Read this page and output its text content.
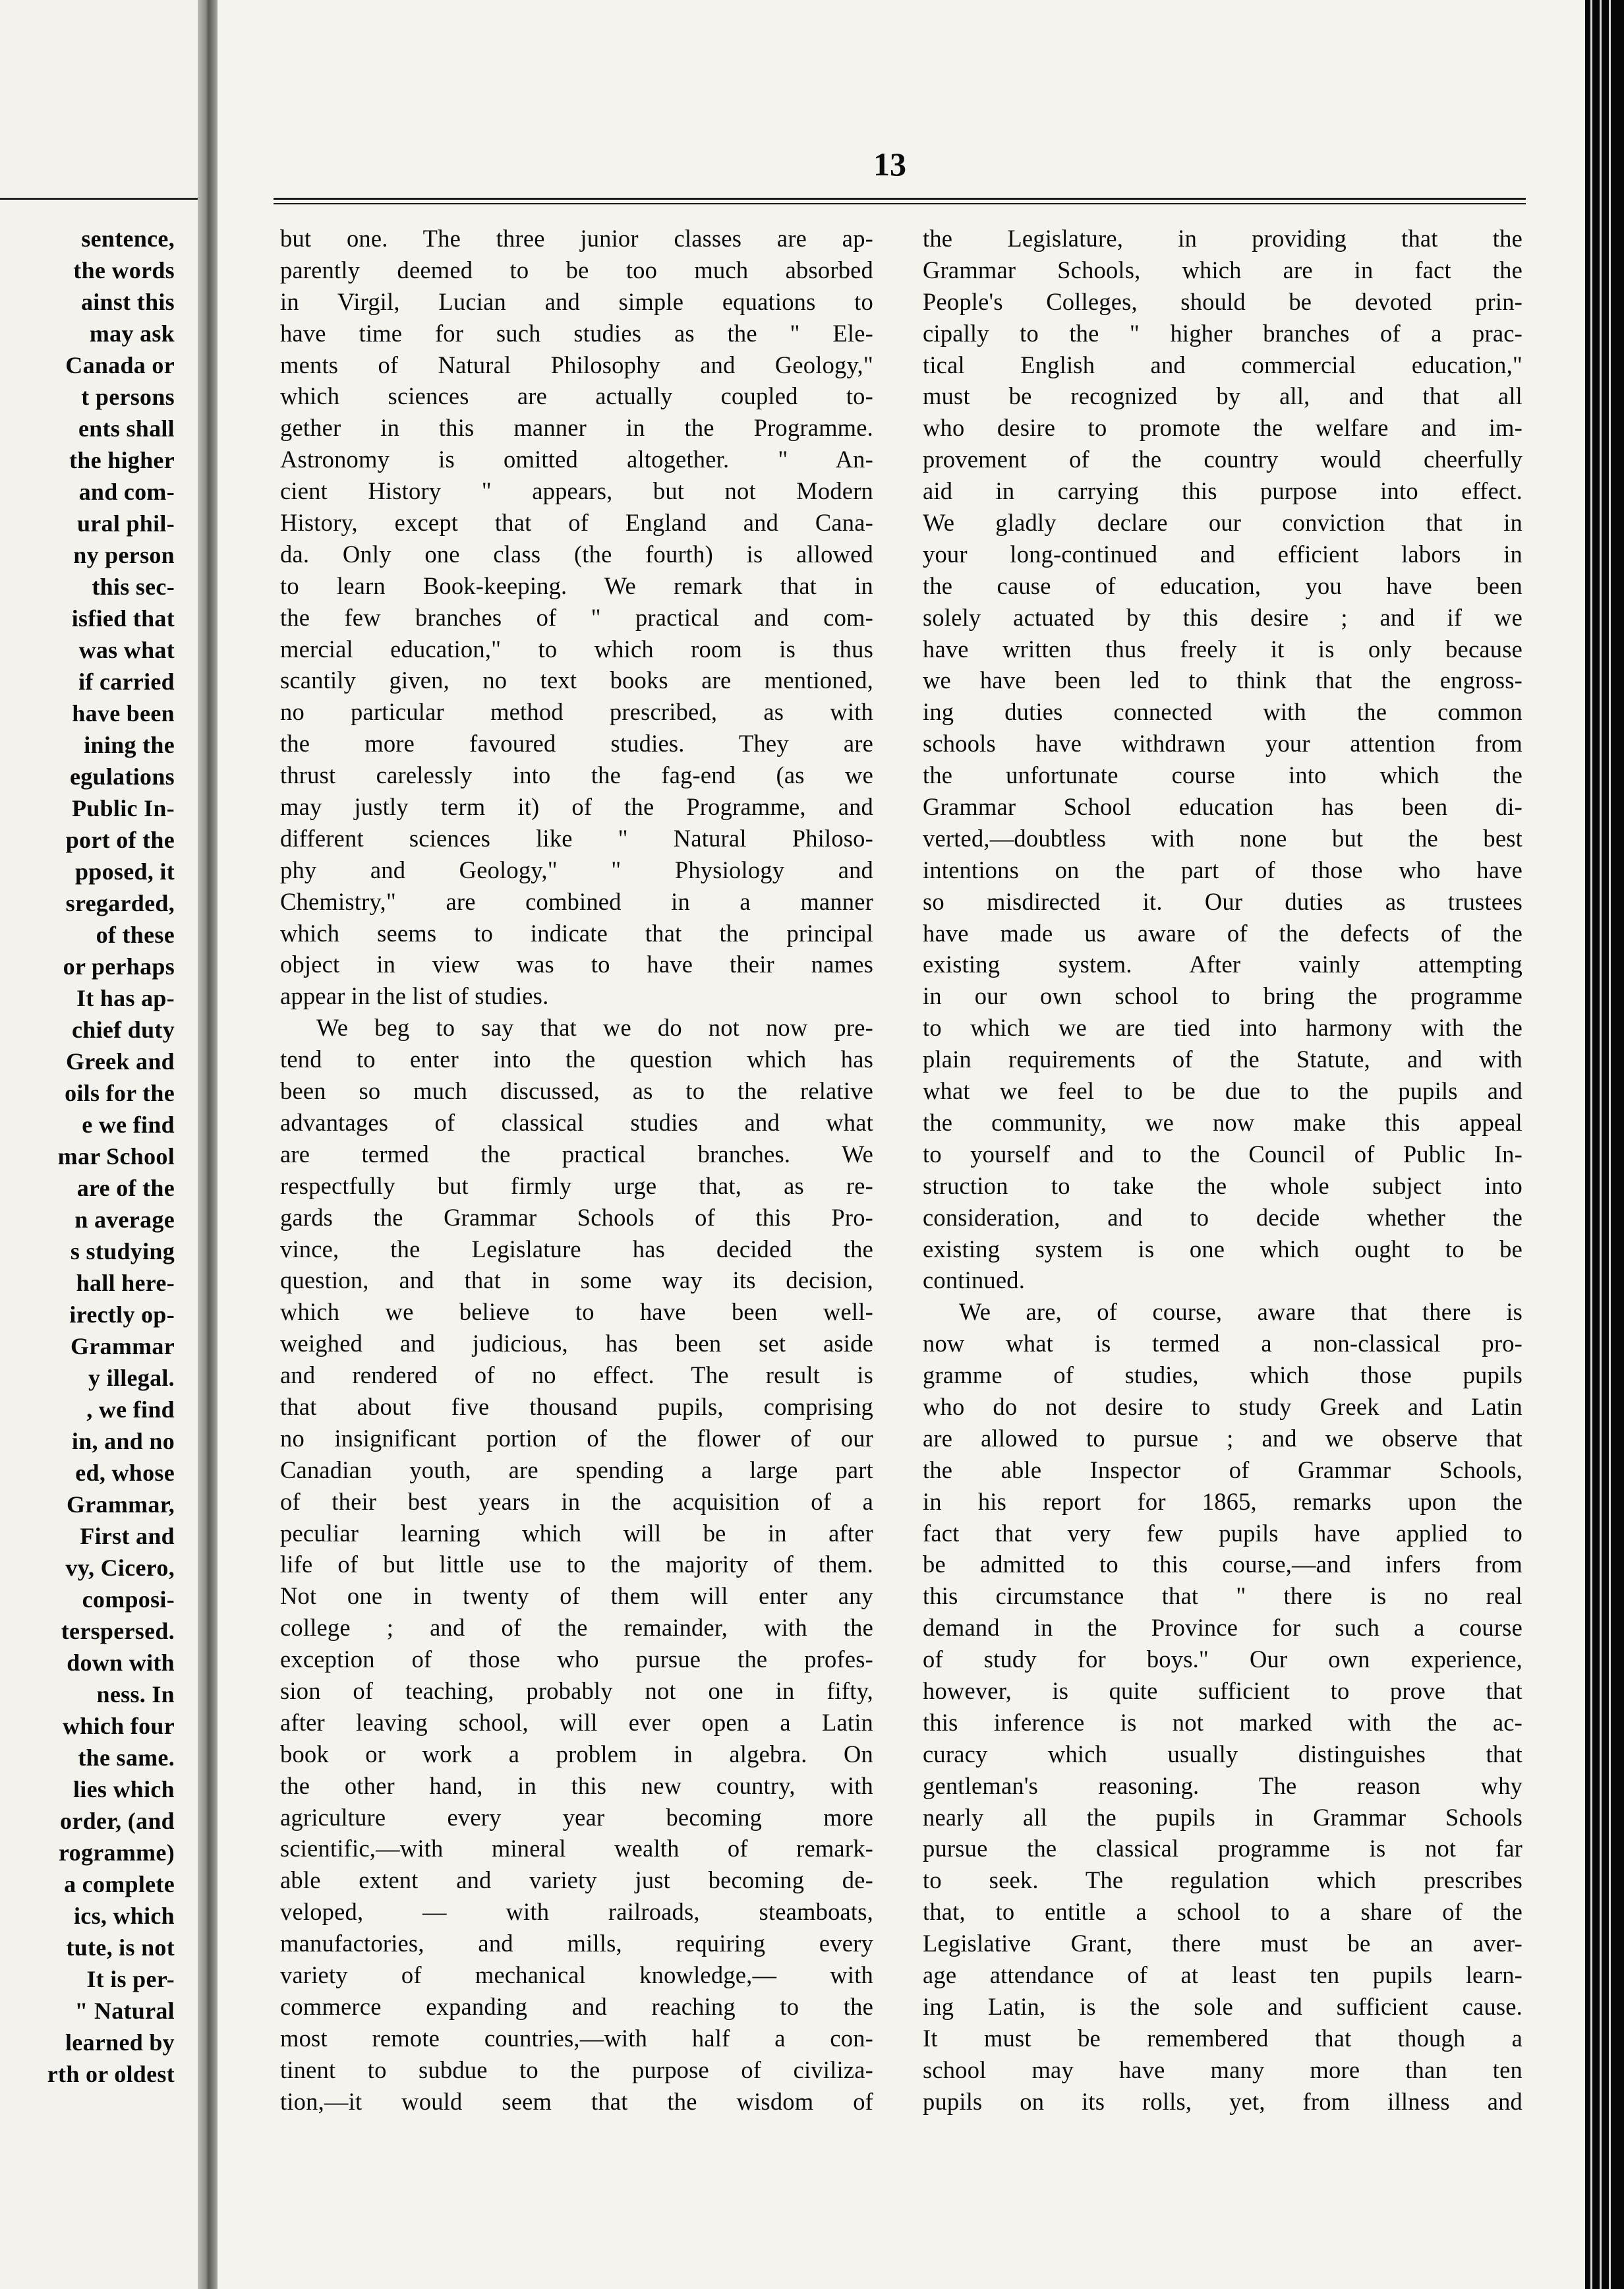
sentence,
the words
ainst this
may ask
Canada or
t persons
ents shall
the higher
and com-
ural phil-
ny person
this sec-
isfied that
was what
if carried
have been
ining the
egulations
Public In-
port of the
pposed, it
sregarded,
of these
or perhaps
It has ap-
chief duty
Greek and
oils for the
e we find
mar School
are of the
n average
s studying
hall here-
irectly op-
Grammar
y illegal.
, we find
in, and no
ed, whose
Grammar,
First and
vy, Cicero,
composi-
terspersed.
down with
ness. In
which four
the same.
lies which
order, (and
rogramme)
a complete
ics, which
tute, is not
It is per-
" Natural
learned by
rth or oldest
13
but one. The three junior classes are ap-
parently deemed to be too much absorbed
in Virgil, Lucian and simple equations to
have time for such studies as the " Ele-
ments of Natural Philosophy and Geology,"
which sciences are actually coupled to-
gether in this manner in the Programme.
Astronomy is omitted altogether. " An-
cient History " appears, but not Modern
History, except that of England and Cana-
da. Only one class (the fourth) is allowed
to learn Book-keeping. We remark that in
the few branches of " practical and com-
mercial education," to which room is thus
scantily given, no text books are mentioned,
no particular method prescribed, as with
the more favoured studies. They are
thrust carelessly into the fag-end (as we
may justly term it) of the Programme, and
different sciences like " Natural Philoso-
phy and Geology," " Physiology and
Chemistry," are combined in a manner
which seems to indicate that the principal
object in view was to have their names
appear in the list of studies.
We beg to say that we do not now pre-
tend to enter into the question which has
been so much discussed, as to the relative
advantages of classical studies and what
are termed the practical branches. We
respectfully but firmly urge that, as re-
gards the Grammar Schools of this Pro-
vince, the Legislature has decided the
question, and that in some way its decision,
which we believe to have been well-
weighed and judicious, has been set aside
and rendered of no effect. The result is
that about five thousand pupils, comprising
no insignificant portion of the flower of our
Canadian youth, are spending a large part
of their best years in the acquisition of a
peculiar learning which will be in after
life of but little use to the majority of them.
Not one in twenty of them will enter any
college ; and of the remainder, with the
exception of those who pursue the profes-
sion of teaching, probably not one in fifty,
after leaving school, will ever open a Latin
book or work a problem in algebra. On
the other hand, in this new country, with
agriculture every year becoming more
scientific,—with mineral wealth of remark-
able extent and variety just becoming de-
veloped, — with railroads, steamboats,
manufactories, and mills, requiring every
variety of mechanical knowledge,— with
commerce expanding and reaching to the
most remote countries,—with half a con-
tinent to subdue to the purpose of civiliza-
tion,—it would seem that the wisdom of
the Legislature, in providing that the
Grammar Schools, which are in fact the
People's Colleges, should be devoted prin-
cipally to the " higher branches of a prac-
tical English and commercial education,"
must be recognized by all, and that all
who desire to promote the welfare and im-
provement of the country would cheerfully
aid in carrying this purpose into effect.
We gladly declare our conviction that in
your long-continued and efficient labors in
the cause of education, you have been
solely actuated by this desire ; and if we
have written thus freely it is only because
we have been led to think that the engross-
ing duties connected with the common
schools have withdrawn your attention from
the unfortunate course into which the
Grammar School education has been di-
verted,—doubtless with none but the best
intentions on the part of those who have
so misdirected it. Our duties as trustees
have made us aware of the defects of the
existing system. After vainly attempting
in our own school to bring the programme
to which we are tied into harmony with the
plain requirements of the Statute, and with
what we feel to be due to the pupils and
the community, we now make this appeal
to yourself and to the Council of Public In-
struction to take the whole subject into
consideration, and to decide whether the
existing system is one which ought to be
continued.
We are, of course, aware that there is
now what is termed a non-classical pro-
gramme of studies, which those pupils
who do not desire to study Greek and Latin
are allowed to pursue ; and we observe that
the able Inspector of Grammar Schools,
in his report for 1865, remarks upon the
fact that very few pupils have applied to
be admitted to this course,—and infers from
this circumstance that " there is no real
demand in the Province for such a course
of study for boys." Our own experience,
however, is quite sufficient to prove that
this inference is not marked with the ac-
curacy which usually distinguishes that
gentleman's reasoning. The reason why
nearly all the pupils in Grammar Schools
pursue the classical programme is not far
to seek. The regulation which prescribes
that, to entitle a school to a share of the
Legislative Grant, there must be an aver-
age attendance of at least ten pupils learn-
ing Latin, is the sole and sufficient cause.
It must be remembered that though a
school may have many more than ten
pupils on its rolls, yet, from illness and
